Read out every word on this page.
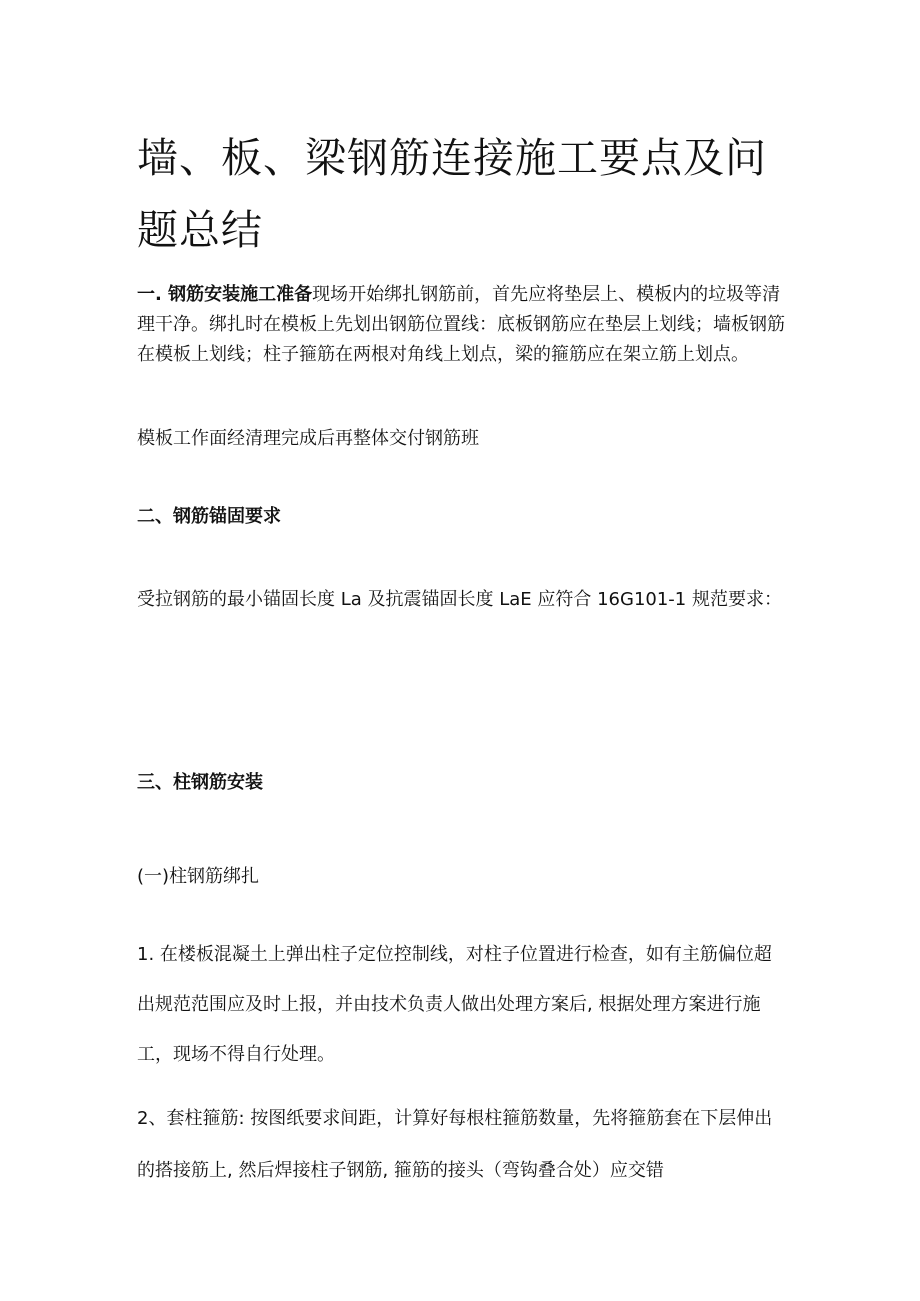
墙、板、梁钢筋连接施工要点及问题总结

一. 钢筋安装施工准备现场开始绑扎钢筋前，首先应将垫层上、模板内的垃圾等清理干净。绑扎时在模板上先划出钢筋位置线：底板钢筋应在垫层上划线；墙板钢筋在模板上划线；柱子箍筋在两根对角线上划点，梁的箍筋应在架立筋上划点。

模板工作面经清理完成后再整体交付钢筋班

二、钢筋锚固要求

受拉钢筋的最小锚固长度 La 及抗震锚固长度 LaE 应符合 16G101-1 规范要求：

三、柱钢筋安装

(一)柱钢筋绑扎

1. 在楼板混凝土上弹出柱子定位控制线，对柱子位置进行检查，如有主筋偏位超出规范范围应及时上报，并由技术负责人做出处理方案后, 根据处理方案进行施工，现场不得自行处理。

2、套柱箍筋: 按图纸要求间距，计算好每根柱箍筋数量，先将箍筋套在下层伸出的搭接筋上, 然后焊接柱子钢筋, 箍筋的接头（弯钩叠合处）应交错
